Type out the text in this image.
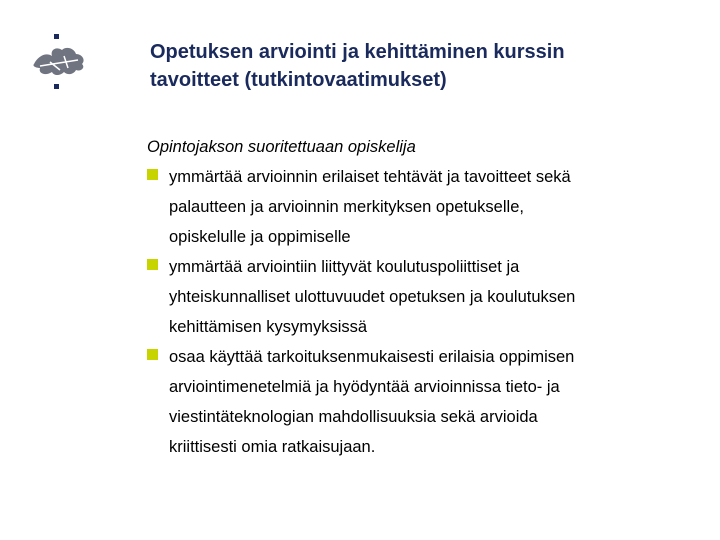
Opetuksen arviointi ja kehittäminen kurssin
tavoitteet (tutkintovaatimukset)
Opintojakson suoritettuaan opiskelija
ymmärtää arvioinnin erilaiset tehtävät ja tavoitteet sekä
palautteen ja arvioinnin merkityksen opetukselle,
opiskelulle ja oppimiselle
ymmärtää arviointiin liittyvät koulutuspoliittiset ja
yhteiskunnalliset ulottuvuudet opetuksen ja koulutuksen
kehittämisen kysymyksissä
osaa käyttää tarkoituksenmukaisesti erilaisia oppimisen
arviointimenetelmiä ja hyödyntää arvioinnissa tieto- ja
viestintäteknologian mahdollisuuksia sekä arvioida
kriittisesti omia ratkaisujaan.
